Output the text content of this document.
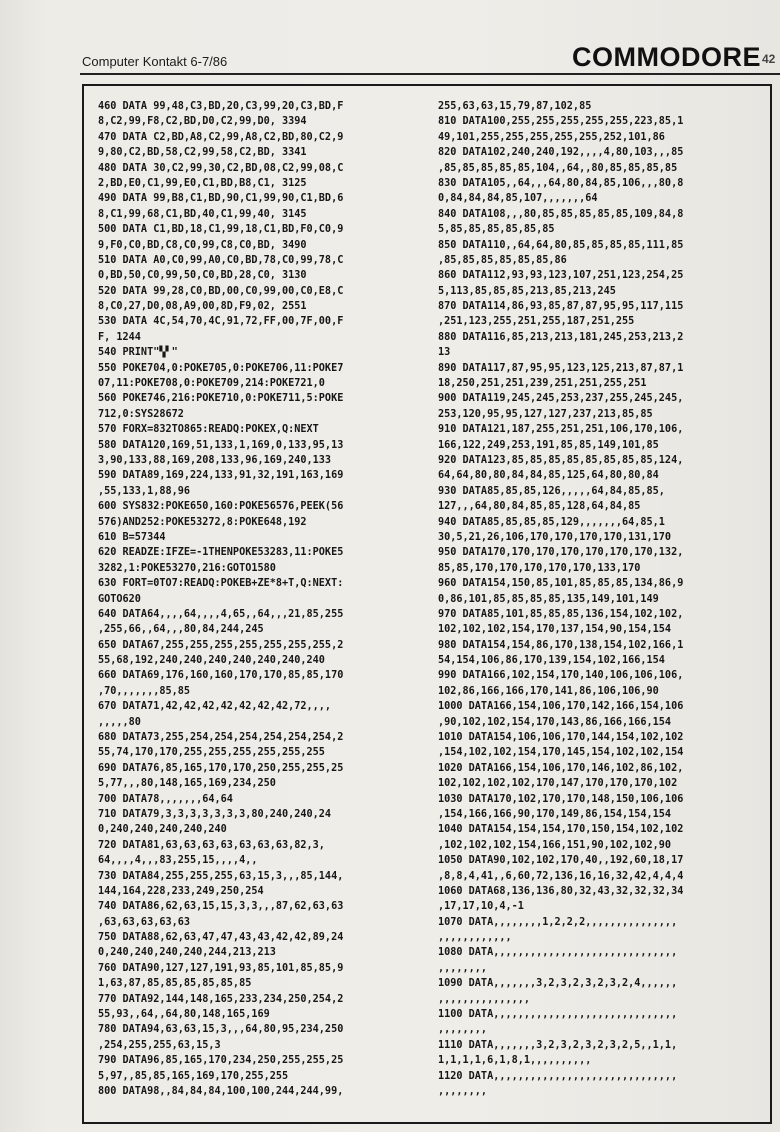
Computer Kontakt 6-7/86	COMMODORE 42
460 DATA 99,48,C3,BD,20,C3,99,20,C3,BD,F
8,C2,99,F8,C2,BD,D0,C2,99,D0, 3394
470 DATA C2,BD,A8,C2,99,A8,C2,BD,80,C2,9
9,80,C2,BD,58,C2,99,58,C2,BD, 3341
480 DATA 30,C2,99,30,C2,BD,08,C2,99,08,C
2,BD,E0,C1,99,E0,C1,BD,B8,C1, 3125
490 DATA 99,B8,C1,BD,90,C1,99,90,C1,BD,6
8,C1,99,68,C1,BD,40,C1,99,40, 3145
500 DATA C1,BD,18,C1,99,18,C1,BD,F0,C0,9
9,F0,C0,BD,C8,C0,99,C8,C0,BD, 3490
510 DATA A0,C0,99,A0,C0,BD,78,C0,99,78,C
0,BD,50,C0,99,50,C0,BD,28,C0, 3130
520 DATA 99,28,C0,BD,00,C0,99,00,C0,E8,C
8,C0,27,D0,08,A9,00,8D,F9,02, 2551
530 DATA 4C,54,70,4C,91,72,FF,00,7F,00,F
F, 1244
540 PRINT"▚▘"
550 POKE704,0:POKE705,0:POKE706,11:POKE7
07,11:POKE708,0:POKE709,214:POKE721,0
560 POKE746,216:POKE710,0:POKE711,5:POKE
712,0:SYS28672
570 FORX=832TO865:READQ:POKEX,Q:NEXT
580 DATA120,169,51,133,1,169,0,133,95,13
3,90,133,88,169,208,133,96,169,240,133
590 DATA89,169,224,133,91,32,191,163,169
,55,133,1,88,96
600 SYS832:POKE650,160:POKE56576,PEEK(56
576)AND252:POKE53272,8:POKE648,192
610 B=57344
620 READZE:IFZE=-1THENPOKE53283,11:POKE5
3282,1:POKE53270,216:GOTO1580
630 FORT=0TO7:READQ:POKEB+ZE*8+T,Q:NEXT:
GOTO620
640 DATA64,,,,64,,,,4,65,,64,,,21,85,255
,255,66,,64,,,80,84,244,245
650 DATA67,255,255,255,255,255,255,255,2
55,68,192,240,240,240,240,240,240,240
660 DATA69,176,160,160,170,170,85,85,170
,70,,,,,,,85,85
670 DATA71,42,42,42,42,42,42,42,72,,,,
,,,,,80
680 DATA73,255,254,254,254,254,254,254,2
55,74,170,170,255,255,255,255,255,255
690 DATA76,85,165,170,170,250,255,255,25
5,77,,,80,148,165,169,234,250
700 DATA78,,,,,,,64,64
710 DATA79,3,3,3,3,3,3,3,80,240,240,24
0,240,240,240,240,240
720 DATA81,63,63,63,63,63,63,63,82,3,
64,,,,4,,,83,255,15,,,,4,,
730 DATA84,255,255,255,63,15,3,,,85,144,
144,164,228,233,249,250,254
740 DATA86,62,63,15,15,3,3,,,87,62,63,63
,63,63,63,63,63
750 DATA88,62,63,47,47,43,43,42,42,89,24
0,240,240,240,240,244,213,213
760 DATA90,127,127,191,93,85,101,85,85,9
1,63,87,85,85,85,85,85,85
770 DATA92,144,148,165,233,234,250,254,2
55,93,,64,,64,80,148,165,169
780 DATA94,63,63,15,3,,,64,80,95,234,250
,254,255,255,63,15,3
790 DATA96,85,165,170,234,250,255,255,25
5,97,,85,85,165,169,170,255,255
800 DATA98,,84,84,84,100,100,244,244,99,
255,63,63,15,79,87,102,85
810 DATA100,255,255,255,255,255,223,85,1
49,101,255,255,255,255,255,252,101,86
820 DATA102,240,240,192,,,,4,80,103,,,85
,85,85,85,85,85,104,,64,,80,85,85,85,85
830 DATA105,,64,,,64,80,84,85,106,,,80,8
0,84,84,84,85,107,,,,,,,64
840 DATA108,,,80,85,85,85,85,85,109,84,8
5,85,85,85,85,85,85
850 DATA110,,64,64,80,85,85,85,85,111,85
,85,85,85,85,85,85,86
860 DATA112,93,93,123,107,251,123,254,25
5,113,85,85,85,213,85,213,245
870 DATA114,86,93,85,87,87,95,95,117,115
,251,123,255,251,255,187,251,255
880 DATA116,85,213,213,181,245,253,213,2
13
890 DATA117,87,95,95,123,125,213,87,87,1
18,250,251,251,239,251,251,255,251
900 DATA119,245,245,253,237,255,245,245,
253,120,95,95,127,127,237,213,85,85
910 DATA121,187,255,251,251,106,170,106,
166,122,249,253,191,85,85,149,101,85
920 DATA123,85,85,85,85,85,85,85,85,124,
64,64,80,80,84,84,85,125,64,80,80,84
930 DATA85,85,85,126,,,,,64,84,85,85,
127,,,64,80,84,85,85,128,64,84,85
940 DATA85,85,85,85,129,,,,,,,64,85,1
30,5,21,26,106,170,170,170,170,131,170
950 DATA170,170,170,170,170,170,170,132,
85,85,170,170,170,170,170,133,170
960 DATA154,150,85,101,85,85,85,134,86,9
0,86,101,85,85,85,85,135,149,101,149
970 DATA85,101,85,85,85,136,154,102,102,
102,102,102,154,170,137,154,90,154,154
980 DATA154,154,86,170,138,154,102,166,1
54,154,106,86,170,139,154,102,166,154
990 DATA166,102,154,170,140,106,106,106,
102,86,166,166,170,141,86,106,106,90
1000 DATA166,154,106,170,142,166,154,106
,90,102,102,154,170,143,86,166,166,154
1010 DATA154,106,106,170,144,154,102,102
,154,102,102,154,170,145,154,102,102,154
1020 DATA166,154,106,170,146,102,86,102,
102,102,102,102,170,147,170,170,170,102
1030 DATA170,102,170,170,148,150,106,106
,154,166,166,90,170,149,86,154,154,154
1040 DATA154,154,154,170,150,154,102,102
,102,102,102,154,166,151,90,102,102,90
1050 DATA90,102,102,170,40,,192,60,18,17
,8,8,4,41,,6,60,72,136,16,16,32,42,4,4,4
1060 DATA68,136,136,80,32,43,32,32,32,34
,17,17,10,4,-1
1070 DATA,,,,,,,,1,2,2,2,,,,,,,,,,,,,,,
,,,,,,,,,,,,
1080 DATA,,,,,,,,,,,,,,,,,,,,,,,,,,,,,,
,,,,,,,,
1090 DATA,,,,,,,3,2,3,2,3,2,3,2,4,,,,,,
,,,,,,,,,,,,,,,
1100 DATA,,,,,,,,,,,,,,,,,,,,,,,,,,,,,,
,,,,,,,,
1110 DATA,,,,,,,3,2,3,2,3,2,3,2,5,,1,1,
1,1,1,1,6,1,8,1,,,,,,,,,,
1120 DATA,,,,,,,,,,,,,,,,,,,,,,,,,,,,,,
,,,,,,,,
